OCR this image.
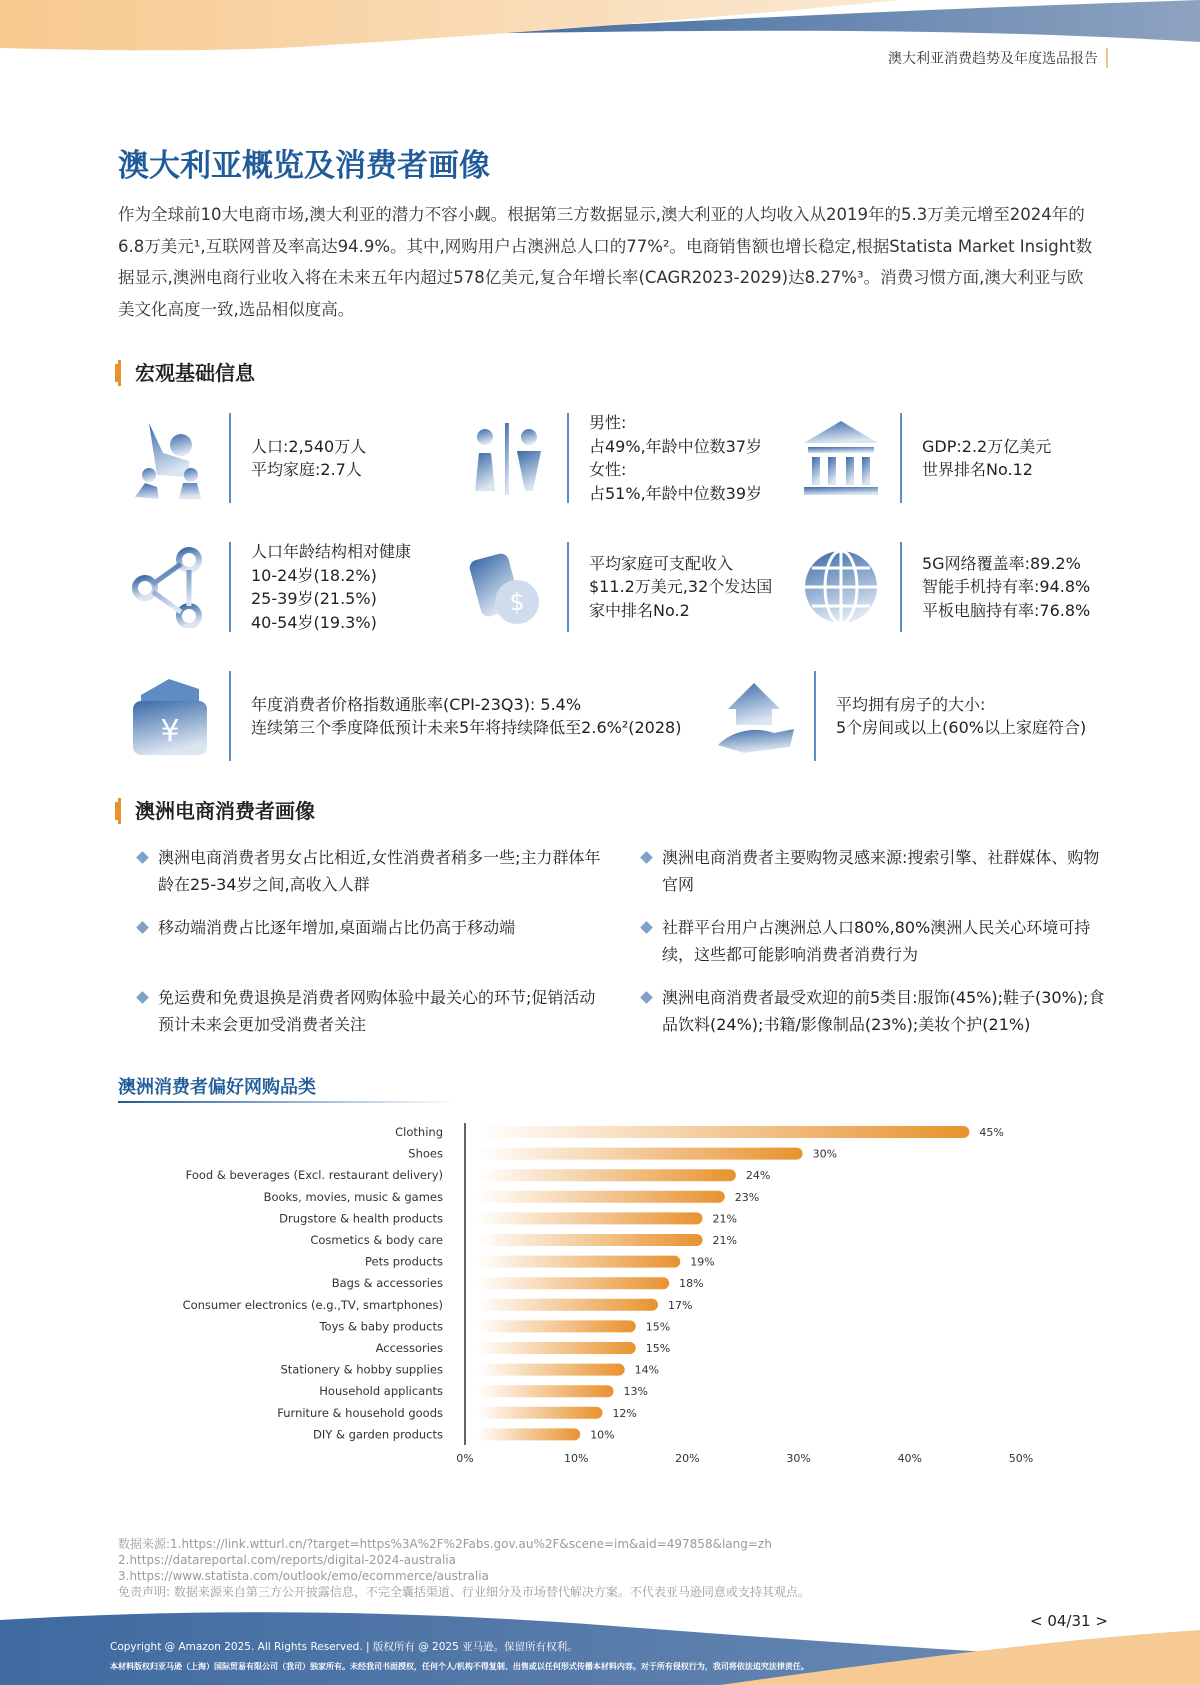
澳大利亚消费趋势及年度选品报告
澳大利亚概览及消费者画像

作为全球前10大电商市场,澳大利亚的潜力不容小觑。根据第三方数据显示,澳大利亚的人均收入从2019年的5.3万美元增至2024年的6.8万美元¹,互联网普及率高达94.9%。其中,网购用户占澳洲总人口的77%²。电商销售额也增长稳定,根据Statista Market Insight数据显示,澳洲电商行业收入将在未来五年内超过578亿美元,复合年增长率(CAGR2023-2029)达8.27%³。消费习惯方面,澳大利亚与欧美文化高度一致,选品相似度高。

宏观基础信息
人口:2,540万人
平均家庭:2.7人
男性:
占49%,年龄中位数37岁
女性:
占51%,年龄中位数39岁
GDP:2.2万亿美元
世界排名No.12
人口年龄结构相对健康
10-24岁(18.2%)
25-39岁(21.5%)
40-54岁(19.3%)
$
平均家庭可支配收入
$11.2万美元,32个发达国
家中排名No.2
5G网络覆盖率:89.2%
智能手机持有率:94.8%
平板电脑持有率:76.8%
¥
年度消费者价格指数通胀率(CPI-23Q3): 5.4%
连续第三个季度降低预计未来5年将持续降低至2.6%²(2028)
平均拥有房子的大小:
5个房间或以上(60%以上家庭符合)
澳洲电商消费者画像
澳洲电商消费者男女占比相近,女性消费者稍多一些;主力群体年龄在25-34岁之间,高收入人群
澳洲电商消费者主要购物灵感来源:搜索引擎、社群媒体、购物官网
移动端消费占比逐年增加,桌面端占比仍高于移动端	社群平台用户占澳洲总人口80%,80%澳洲人民关心环境可持续，这些都可能影响消费者消费行为
免运费和免费退换是消费者网购体验中最关心的环节;促销活动预计未来会更加受消费者关注
澳洲电商消费者最受欢迎的前5类目:服饰(45%);鞋子(30%);食品饮料(24%);书籍/影像制品(23%);美妆个护(21%)
澳洲消费者偏好网购品类
Clothing	45%
Shoes	30%
Food & beverages (Excl. restaurant delivery)	24%
Books, movies, music & games	23%
Drugstore & health products	21%
Cosmetics & body care	21%
Pets products	19%
Bags & accessories	18%
Consumer electronics (e.g.,TV, smartphones)	17%
Toys & baby products	15%
Accessories	15%
Stationery & hobby supplies	14%
Household applicants	13%
Furniture & household goods	12%
DIY & garden products	10%
0%	10%	20%	30%	40%	50%
数据来源:1.https://link.wtturl.cn/?target=https%3A%2F%2Fabs.gov.au%2F&scene=im&aid=497858&lang=zh
2.https://datareportal.com/reports/digital-2024-australia
3.https://www.statista.com/outlook/emo/ecommerce/australia
免责声明: 数据来源来自第三方公开披露信息，不完全囊括渠道、行业细分及市场替代解决方案。不代表亚马逊同意或支持其观点。
< 04/31 >
Copyright @ Amazon 2025. All Rights Reserved. | 版权所有 @ 2025 亚马逊。保留所有权利。
本材料版权归亚马逊（上海）国际贸易有限公司（我司）独家所有。未经我司书面授权，任何个人/机构不得复制、出售或以任何形式传播本材料内容。对于所有侵权行为，我司将依法追究法律责任。
